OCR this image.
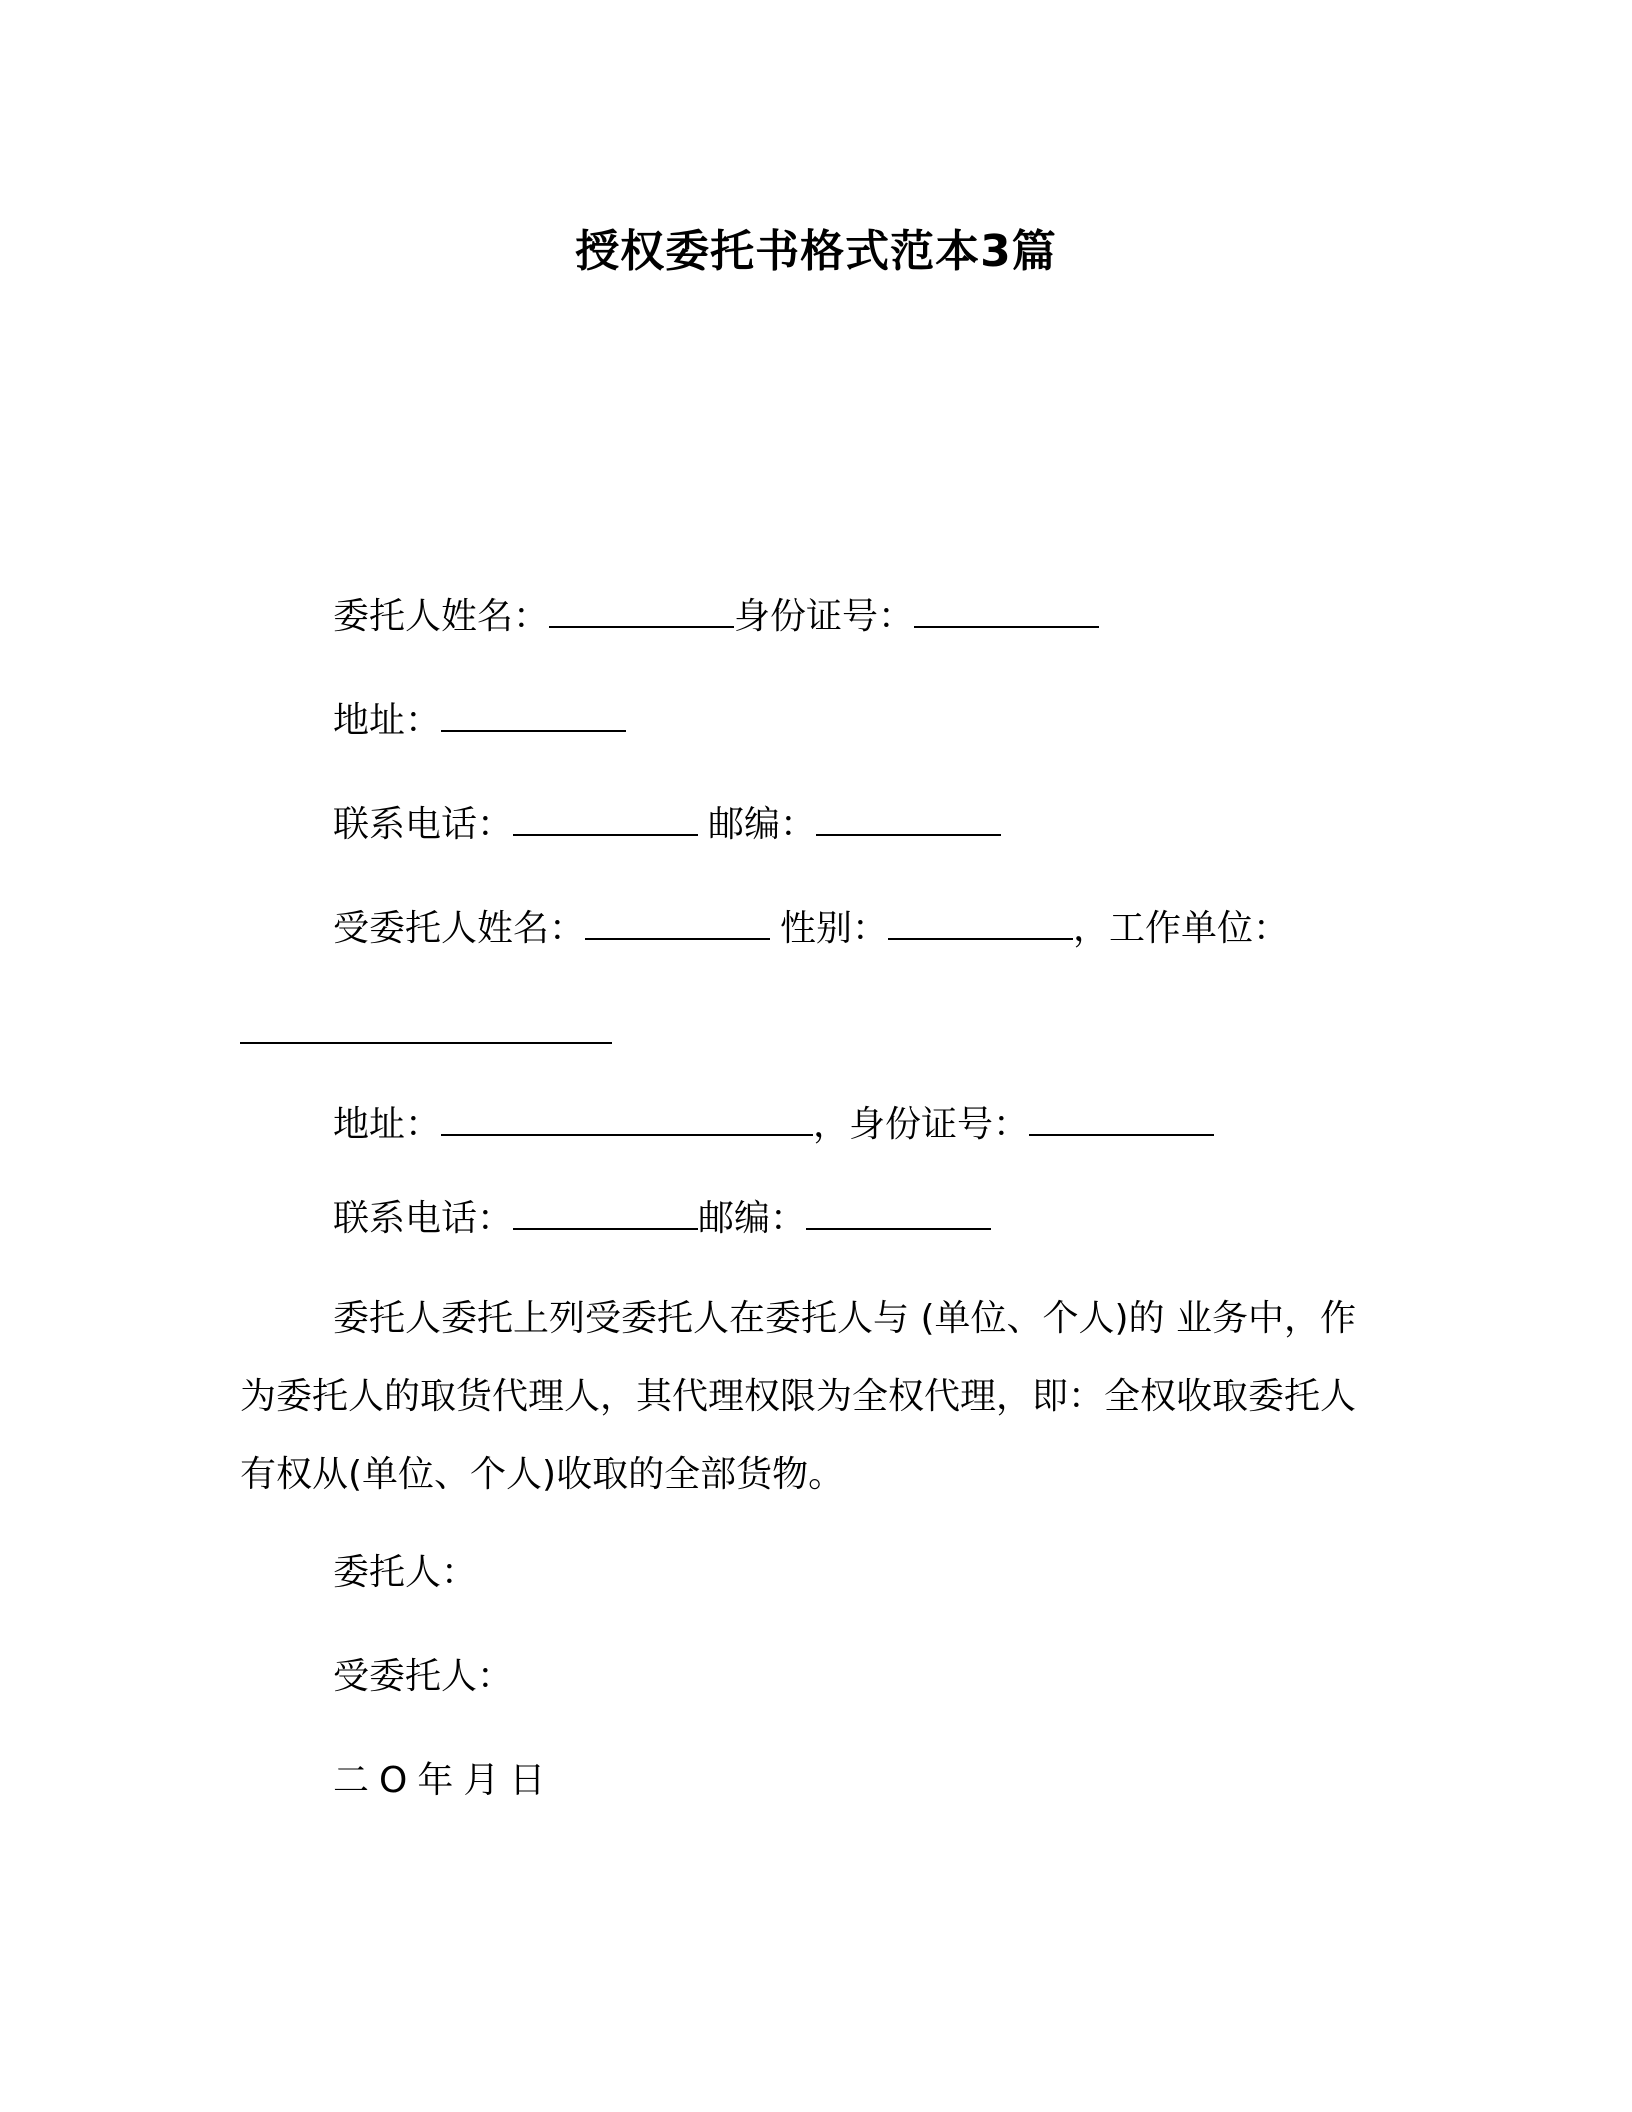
授权委托书格式范本3篇
委托人姓名：	身份证号：
地址：
联系电话：	邮编：
受委托人姓名：	性别：	，工作单位：
地址：	，身份证号：
联系电话：	邮编：
委托人委托上列受委托人在委托人与 (单位、个人)的 业务中，作为委托人的取货代理人，其代理权限为全权代理，即：全权收取委托人有权从(单位、个人)收取的全部货物。
委托人：
受委托人：
二O年月日
